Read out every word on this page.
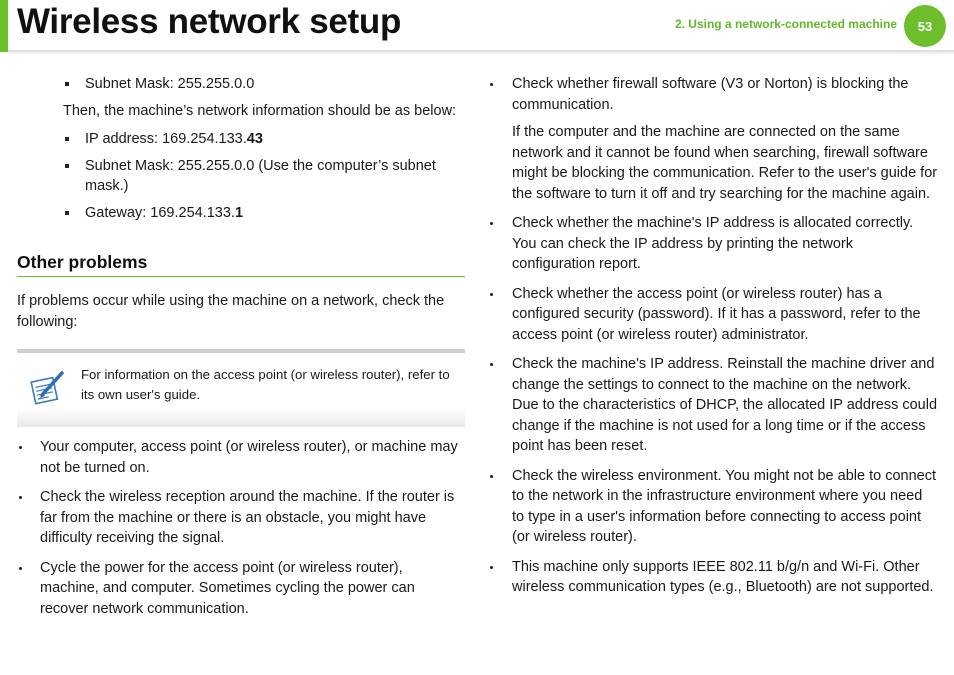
Wireless network setup	2. Using a network-connected machine	53
Subnet Mask: 255.255.0.0

Then, the machine’s network information should be as below:

IP address: 169.254.133.43
Subnet Mask: 255.255.0.0 (Use the computer’s subnet mask.)
Gateway: 169.254.133.1
Other problems

If problems occur while using the machine on a network, check the following:

For information on the access point (or wireless router), refer to its own user's guide.
Your computer, access point (or wireless router), or machine may not be turned on.
Check the wireless reception around the machine. If the router is far from the machine or there is an obstacle, you might have difficulty receiving the signal.
Cycle the power for the access point (or wireless router), machine, and computer. Sometimes cycling the power can recover network communication.
Check whether firewall software (V3 or Norton) is blocking the communication.

If the computer and the machine are connected on the same network and it cannot be found when searching, firewall software might be blocking the communication. Refer to the user's guide for the software to turn it off and try searching for the machine again.

Check whether the machine's IP address is allocated correctly. You can check the IP address by printing the network configuration report.
Check whether the access point (or wireless router) has a configured security (password). If it has a password, refer to the access point (or wireless router) administrator.
Check the machine's IP address. Reinstall the machine driver and change the settings to connect to the machine on the network. Due to the characteristics of DHCP, the allocated IP address could change if the machine is not used for a long time or if the access point has been reset.
Check the wireless environment. You might not be able to connect to the network in the infrastructure environment where you need to type in a user's information before connecting to access point (or wireless router).
This machine only supports IEEE 802.11 b/g/n and Wi-Fi. Other wireless communication types (e.g., Bluetooth) are not supported.
